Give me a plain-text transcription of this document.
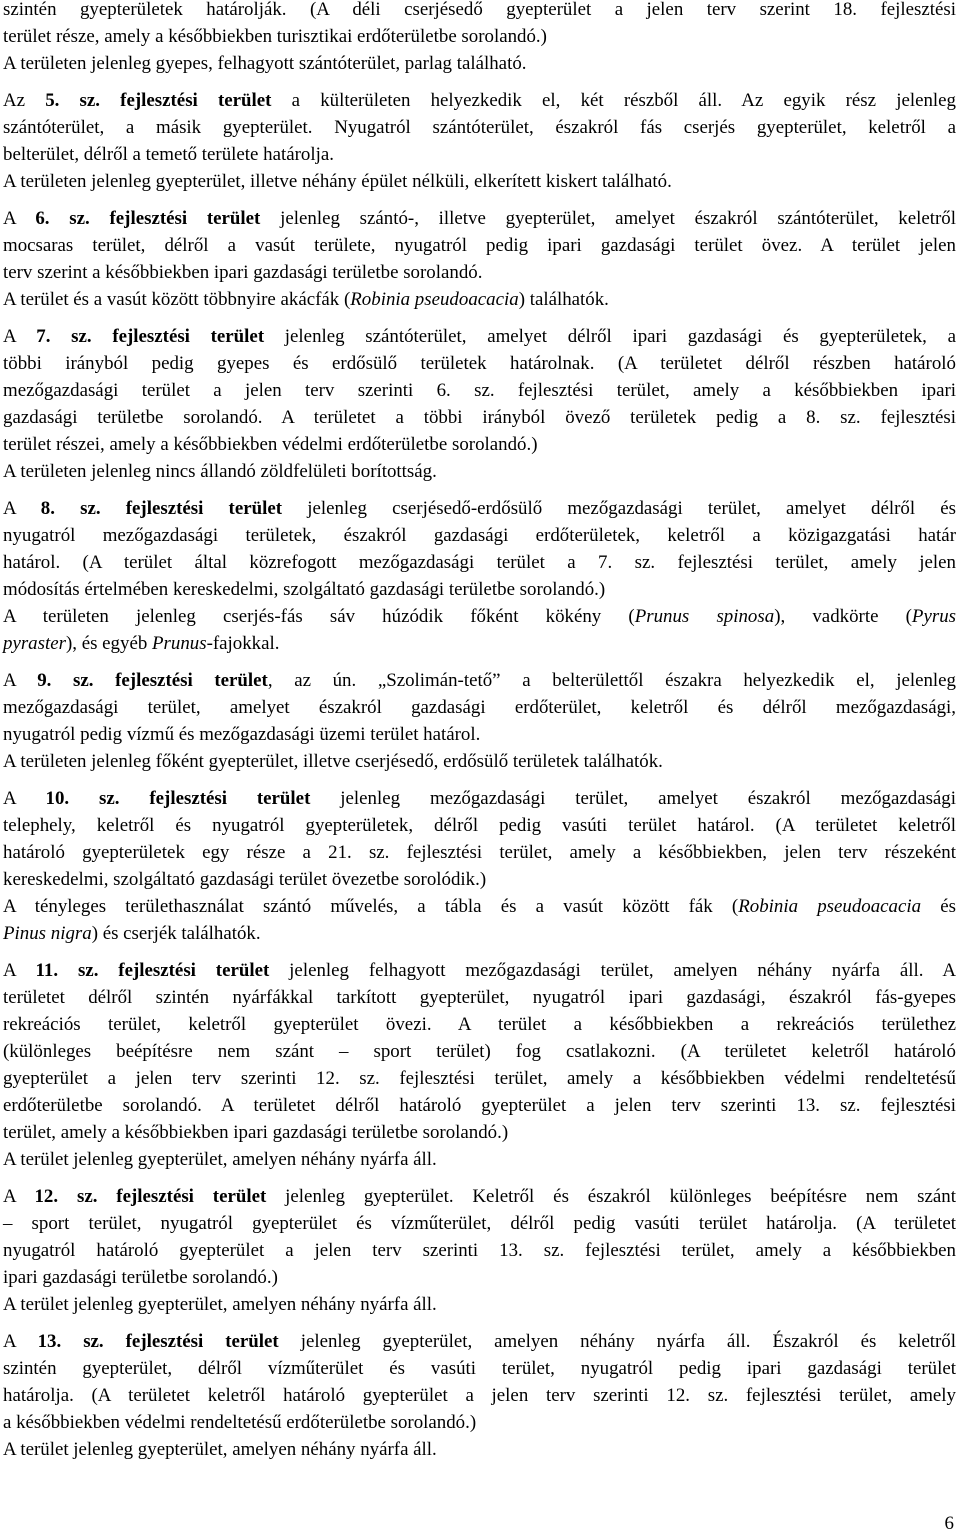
szintén gyepterületek határolják. (A déli cserjésedő gyepterület a jelen terv szerint 18. fejlesztési

terület része, amely a későbbiekben turisztikai erdőterületbe sorolandó.)

A területen jelenleg gyepes, felhagyott szántóterület, parlag található.

Az 5. sz. fejlesztési terület a külterületen helyezkedik el, két részből áll. Az egyik rész jelenleg

szántóterület, a másik gyepterület. Nyugatról szántóterület, északról fás cserjés gyepterület, keletről a

belterület, délről a temető területe határolja.

A területen jelenleg gyepterület, illetve néhány épület nélküli, elkerített kiskert található.

A 6. sz. fejlesztési terület jelenleg szántó-, illetve gyepterület, amelyet északról szántóterület, keletről

mocsaras terület, délről a vasút területe, nyugatról pedig ipari gazdasági terület övez. A terület jelen

terv szerint a későbbiekben ipari gazdasági területbe sorolandó.

A terület és a vasút között többnyire akácfák (Robinia pseudoacacia) találhatók.

A 7. sz. fejlesztési terület jelenleg szántóterület, amelyet délről ipari gazdasági és gyepterületek, a

többi irányból pedig gyepes és erdősülő területek határolnak. (A területet délről részben határoló

mezőgazdasági terület a jelen terv szerinti 6. sz. fejlesztési terület, amely a későbbiekben ipari

gazdasági területbe sorolandó. A területet a többi irányból övező területek pedig a 8. sz. fejlesztési

terület részei, amely a későbbiekben védelmi erdőterületbe sorolandó.)

A területen jelenleg nincs állandó zöldfelületi borítottság.

A 8. sz. fejlesztési terület jelenleg cserjésedő-erdősülő mezőgazdasági terület, amelyet délről és

nyugatról mezőgazdasági területek, északról gazdasági erdőterületek, keletről a közigazgatási határ

határol. (A terület által közrefogott mezőgazdasági terület a 7. sz. fejlesztési terület, amely jelen

módosítás értelmében kereskedelmi, szolgáltató gazdasági területbe sorolandó.)

A területen jelenleg cserjés-fás sáv húzódik főként kökény (Prunus spinosa), vadkörte (Pyrus

pyraster), és egyéb Prunus-fajokkal.

A 9. sz. fejlesztési terület, az ún. „Szolimán-tető” a belterülettől északra helyezkedik el, jelenleg

mezőgazdasági terület, amelyet északról gazdasági erdőterület, keletről és délről mezőgazdasági,

nyugatról pedig vízmű és mezőgazdasági üzemi terület határol.

A területen jelenleg főként gyepterület, illetve cserjésedő, erdősülő területek találhatók.

A 10. sz. fejlesztési terület jelenleg mezőgazdasági terület, amelyet északról mezőgazdasági

telephely, keletről és nyugatról gyepterületek, délről pedig vasúti terület határol. (A területet keletről

határoló gyepterületek egy része a 21. sz. fejlesztési terület, amely a későbbiekben, jelen terv részeként

kereskedelmi, szolgáltató gazdasági terület övezetbe sorolódik.)

A tényleges területhasználat szántó művelés, a tábla és a vasút között fák (Robinia pseudoacacia és

Pinus nigra) és cserjék találhatók.

A 11. sz. fejlesztési terület jelenleg felhagyott mezőgazdasági terület, amelyen néhány nyárfa áll. A

területet délről szintén nyárfákkal tarkított gyepterület, nyugatról ipari gazdasági, északról fás-gyepes

rekreációs terület, keletről gyepterület övezi. A terület a későbbiekben a rekreációs területhez

(különleges beépítésre nem szánt – sport terület) fog csatlakozni. (A területet keletről határoló

gyepterület a jelen terv szerinti 12. sz. fejlesztési terület, amely a későbbiekben védelmi rendeltetésű

erdőterületbe sorolandó. A területet délről határoló gyepterület a jelen terv szerinti 13. sz. fejlesztési

terület, amely a későbbiekben ipari gazdasági területbe sorolandó.)

A terület jelenleg gyepterület, amelyen néhány nyárfa áll.

A 12. sz. fejlesztési terület jelenleg gyepterület. Keletről és északról különleges beépítésre nem szánt

– sport terület, nyugatról gyepterület és vízműterület, délről pedig vasúti terület határolja. (A területet

nyugatról határoló gyepterület a jelen terv szerinti 13. sz. fejlesztési terület, amely a későbbiekben

ipari gazdasági területbe sorolandó.)

A terület jelenleg gyepterület, amelyen néhány nyárfa áll.

A 13. sz. fejlesztési terület jelenleg gyepterület, amelyen néhány nyárfa áll. Északról és keletről

szintén gyepterület, délről vízműterület és vasúti terület, nyugatról pedig ipari gazdasági terület

határolja. (A területet keletről határoló gyepterület a jelen terv szerinti 12. sz. fejlesztési terület, amely

a későbbiekben védelmi rendeltetésű erdőterületbe sorolandó.)

A terület jelenleg gyepterület, amelyen néhány nyárfa áll.

6
